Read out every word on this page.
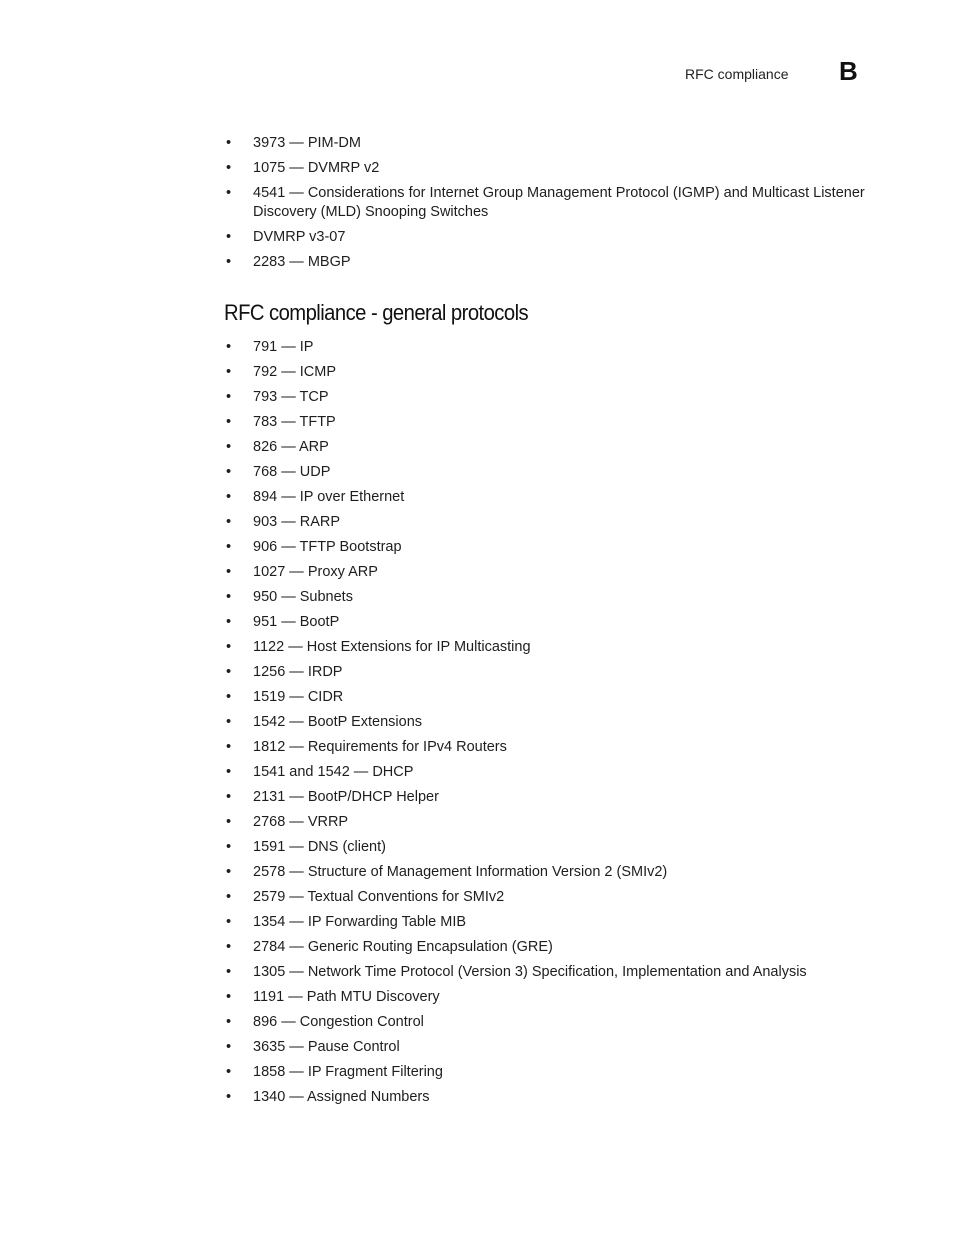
RFC compliance B
•	3973 — PIM-DM
•	1075 — DVMRP v2
•	4541 — Considerations for Internet Group Management Protocol (IGMP) and Multicast Listener Discovery (MLD) Snooping Switches
•	DVMRP v3-07
•	2283 — MBGP
RFC compliance - general protocols
•	791 — IP
•	792 — ICMP
•	793 — TCP
•	783 — TFTP
•	826 — ARP
•	768 — UDP
•	894 — IP over Ethernet
•	903 — RARP
•	906 — TFTP Bootstrap
•	1027 — Proxy ARP
•	950 — Subnets
•	951 — BootP
•	1122 — Host Extensions for IP Multicasting
•	1256 — IRDP
•	1519 — CIDR
•	1542 — BootP Extensions
•	1812 — Requirements for IPv4 Routers
•	1541 and 1542 — DHCP
•	2131 — BootP/DHCP Helper
•	2768 — VRRP
•	1591 — DNS (client)
•	2578 — Structure of Management Information Version 2 (SMIv2)
•	2579 — Textual Conventions for SMIv2
•	1354 — IP Forwarding Table MIB
•	2784 — Generic Routing Encapsulation (GRE)
•	1305 — Network Time Protocol (Version 3) Specification, Implementation and Analysis
•	1191 — Path MTU Discovery
•	896 — Congestion Control
•	3635 — Pause Control
•	1858 — IP Fragment Filtering
•	1340 — Assigned Numbers
